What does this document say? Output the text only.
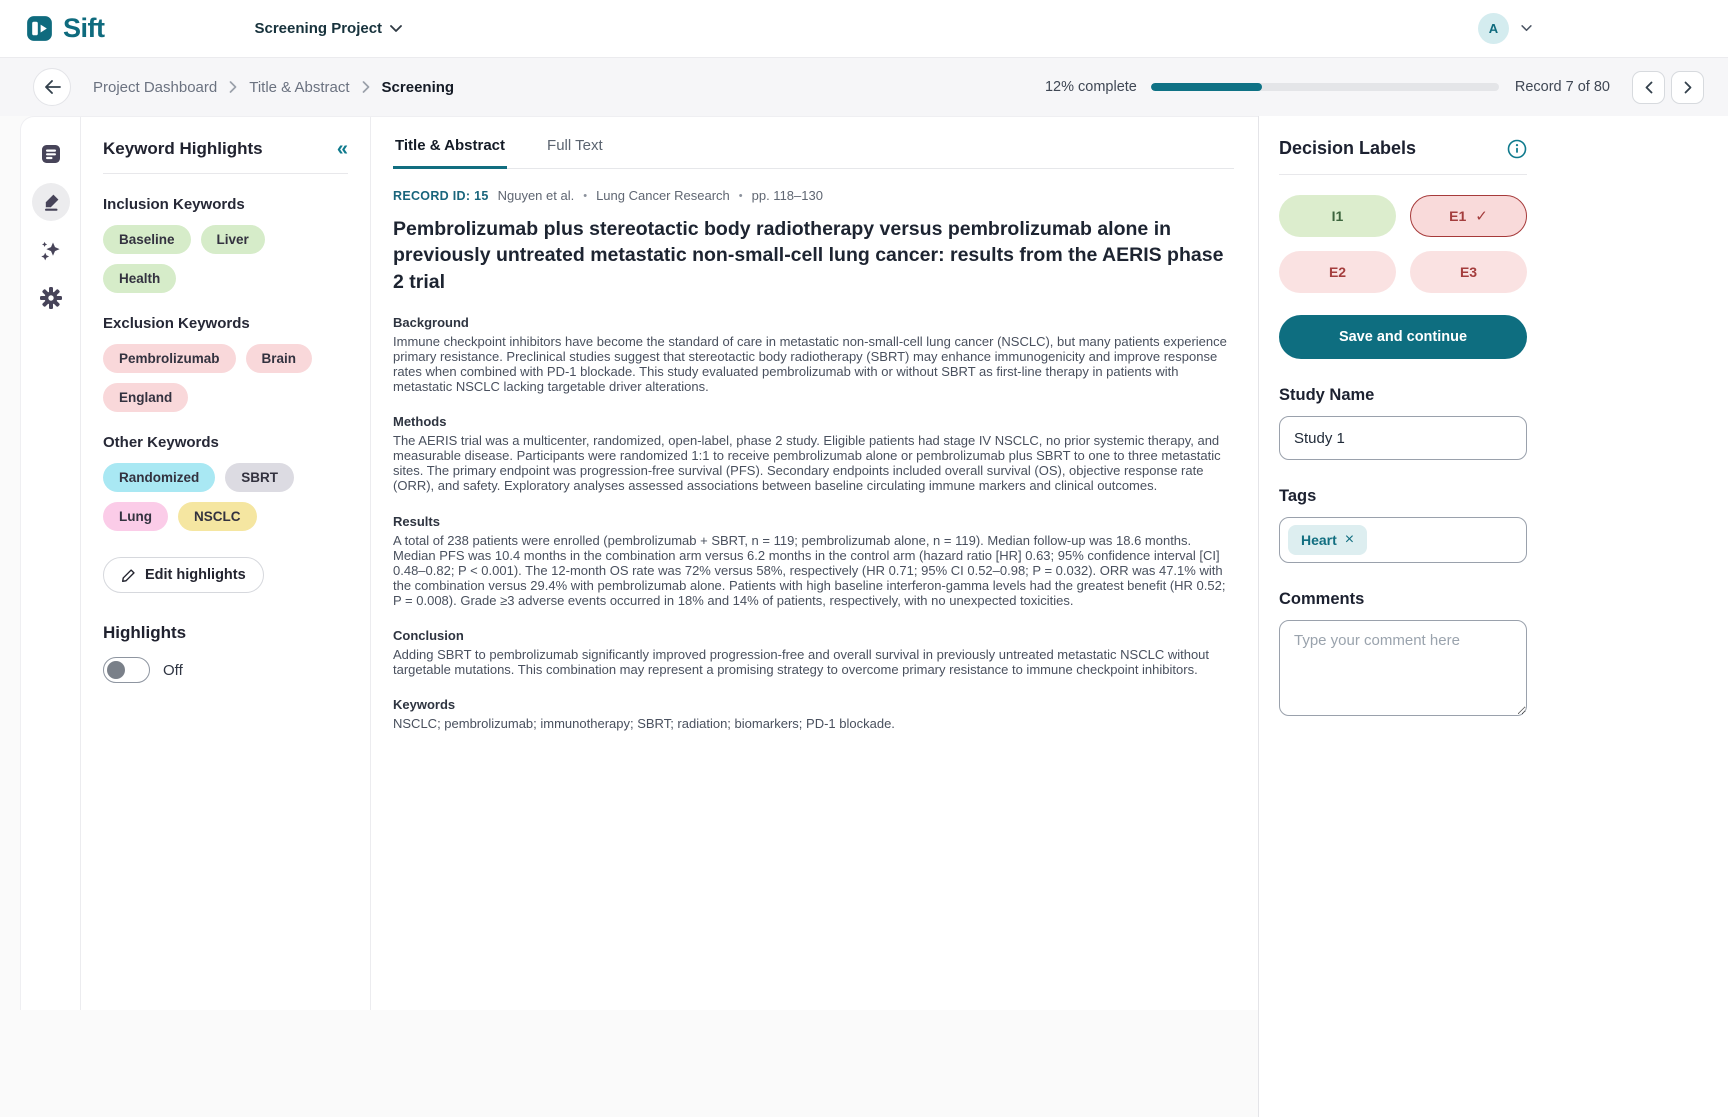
Sift	Screening Project	A
Project Dashboard Title & Abstract Screening	12% complete	Record 7 of 80
Keyword Highlights	«
Inclusion Keywords
Baseline	Liver
Health
Exclusion Keywords
Pembrolizumab	Brain
England
Other Keywords
Randomized	SBRT
Lung	NSCLC
Edit highlights
Highlights
Off
Title & Abstract	Full Text
RECORD ID: 15 Nguyen et al. • Lung Cancer Research • pp. 118–130
Pembrolizumab plus stereotactic body radiotherapy versus pembrolizumab alone in previously untreated metastatic non-small-cell lung cancer: results from the AERIS phase 2 trial
Background
Immune checkpoint inhibitors have become the standard of care in metastatic non-small-cell lung cancer (NSCLC), but many patients experience primary resistance. Preclinical studies suggest that stereotactic body radiotherapy (SBRT) may enhance immunogenicity and improve response rates when combined with PD-1 blockade. This study evaluated pembrolizumab with or without SBRT as first-line therapy in patients with metastatic NSCLC lacking targetable driver alterations.
Methods
The AERIS trial was a multicenter, randomized, open-label, phase 2 study. Eligible patients had stage IV NSCLC, no prior systemic therapy, and measurable disease. Participants were randomized 1:1 to receive pembrolizumab alone or pembrolizumab plus SBRT to one to three metastatic sites. The primary endpoint was progression-free survival (PFS). Secondary endpoints included overall survival (OS), objective response rate (ORR), and safety. Exploratory analyses assessed associations between baseline circulating immune markers and clinical outcomes.
Results
A total of 238 patients were enrolled (pembrolizumab + SBRT, n = 119; pembrolizumab alone, n = 119). Median follow-up was 18.6 months. Median PFS was 10.4 months in the combination arm versus 6.2 months in the control arm (hazard ratio [HR] 0.63; 95% confidence interval [CI] 0.48–0.82; P < 0.001). The 12-month OS rate was 72% versus 58%, respectively (HR 0.71; 95% CI 0.52–0.98; P = 0.032). ORR was 47.1% with the combination versus 29.4% with pembrolizumab alone. Patients with high baseline interferon-gamma levels had the greatest benefit (HR 0.52; P = 0.008). Grade ≥3 adverse events occurred in 18% and 14% of patients, respectively, with no unexpected toxicities.
Conclusion
Adding SBRT to pembrolizumab significantly improved progression-free and overall survival in previously untreated metastatic NSCLC without targetable mutations. This combination may represent a promising strategy to overcome primary resistance to immune checkpoint inhibitors.
Keywords
NSCLC; pembrolizumab; immunotherapy; SBRT; radiation; biomarkers; PD-1 blockade.
Decision Labels
I1	E1 ✓
E2	E3
Save and continue
Study Name
Study 1
Tags
Heart ×
Comments
Type your comment here
